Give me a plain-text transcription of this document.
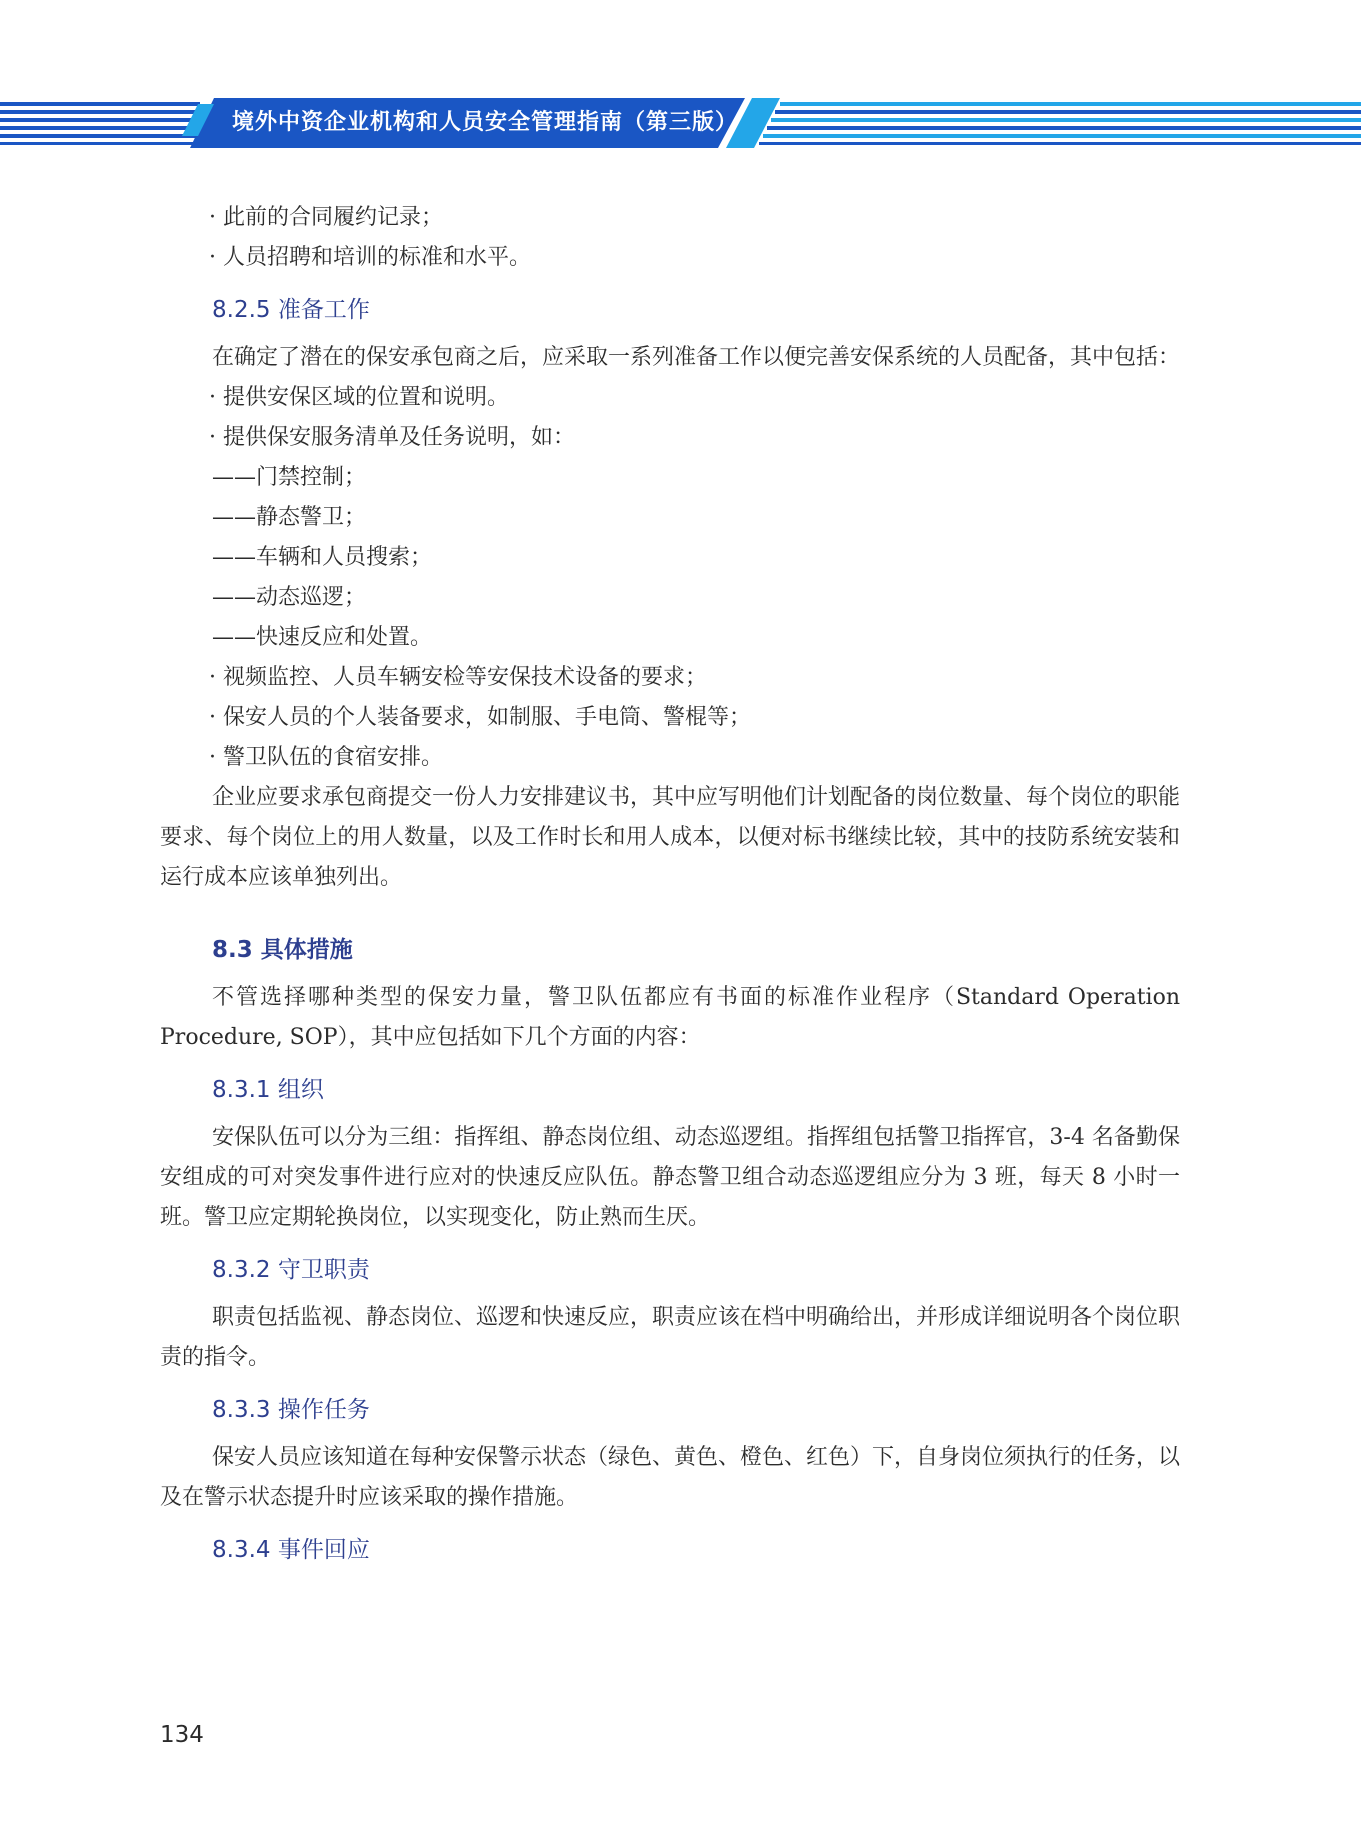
境外中资企业机构和人员安全管理指南（第三版）

· 此前的合同履约记录；

· 人员招聘和培训的标准和水平。

8.2.5 准备工作

在确定了潜在的保安承包商之后，应采取一系列准备工作以便完善安保系统的人员配备，其中包括：

· 提供安保区域的位置和说明。

· 提供保安服务清单及任务说明，如：

——门禁控制；

——静态警卫；

——车辆和人员搜索；

——动态巡逻；

——快速反应和处置。

· 视频监控、人员车辆安检等安保技术设备的要求；

· 保安人员的个人装备要求，如制服、手电筒、警棍等；

· 警卫队伍的食宿安排。

企业应要求承包商提交一份人力安排建议书，其中应写明他们计划配备的岗位数量、每个岗位的职能要求、每个岗位上的用人数量，以及工作时长和用人成本，以便对标书继续比较，其中的技防系统安装和运行成本应该单独列出。

8.3 具体措施

不管选择哪种类型的保安力量，警卫队伍都应有书面的标准作业程序（Standard Operation Procedure, SOP），其中应包括如下几个方面的内容：

8.3.1 组织

安保队伍可以分为三组：指挥组、静态岗位组、动态巡逻组。指挥组包括警卫指挥官，3-4 名备勤保安组成的可对突发事件进行应对的快速反应队伍。静态警卫组合动态巡逻组应分为 3 班，每天 8 小时一班。警卫应定期轮换岗位，以实现变化，防止熟而生厌。

8.3.2 守卫职责

职责包括监视、静态岗位、巡逻和快速反应，职责应该在档中明确给出，并形成详细说明各个岗位职责的指令。

8.3.3 操作任务

保安人员应该知道在每种安保警示状态（绿色、黄色、橙色、红色）下，自身岗位须执行的任务，以及在警示状态提升时应该采取的操作措施。

8.3.4 事件回应
134
